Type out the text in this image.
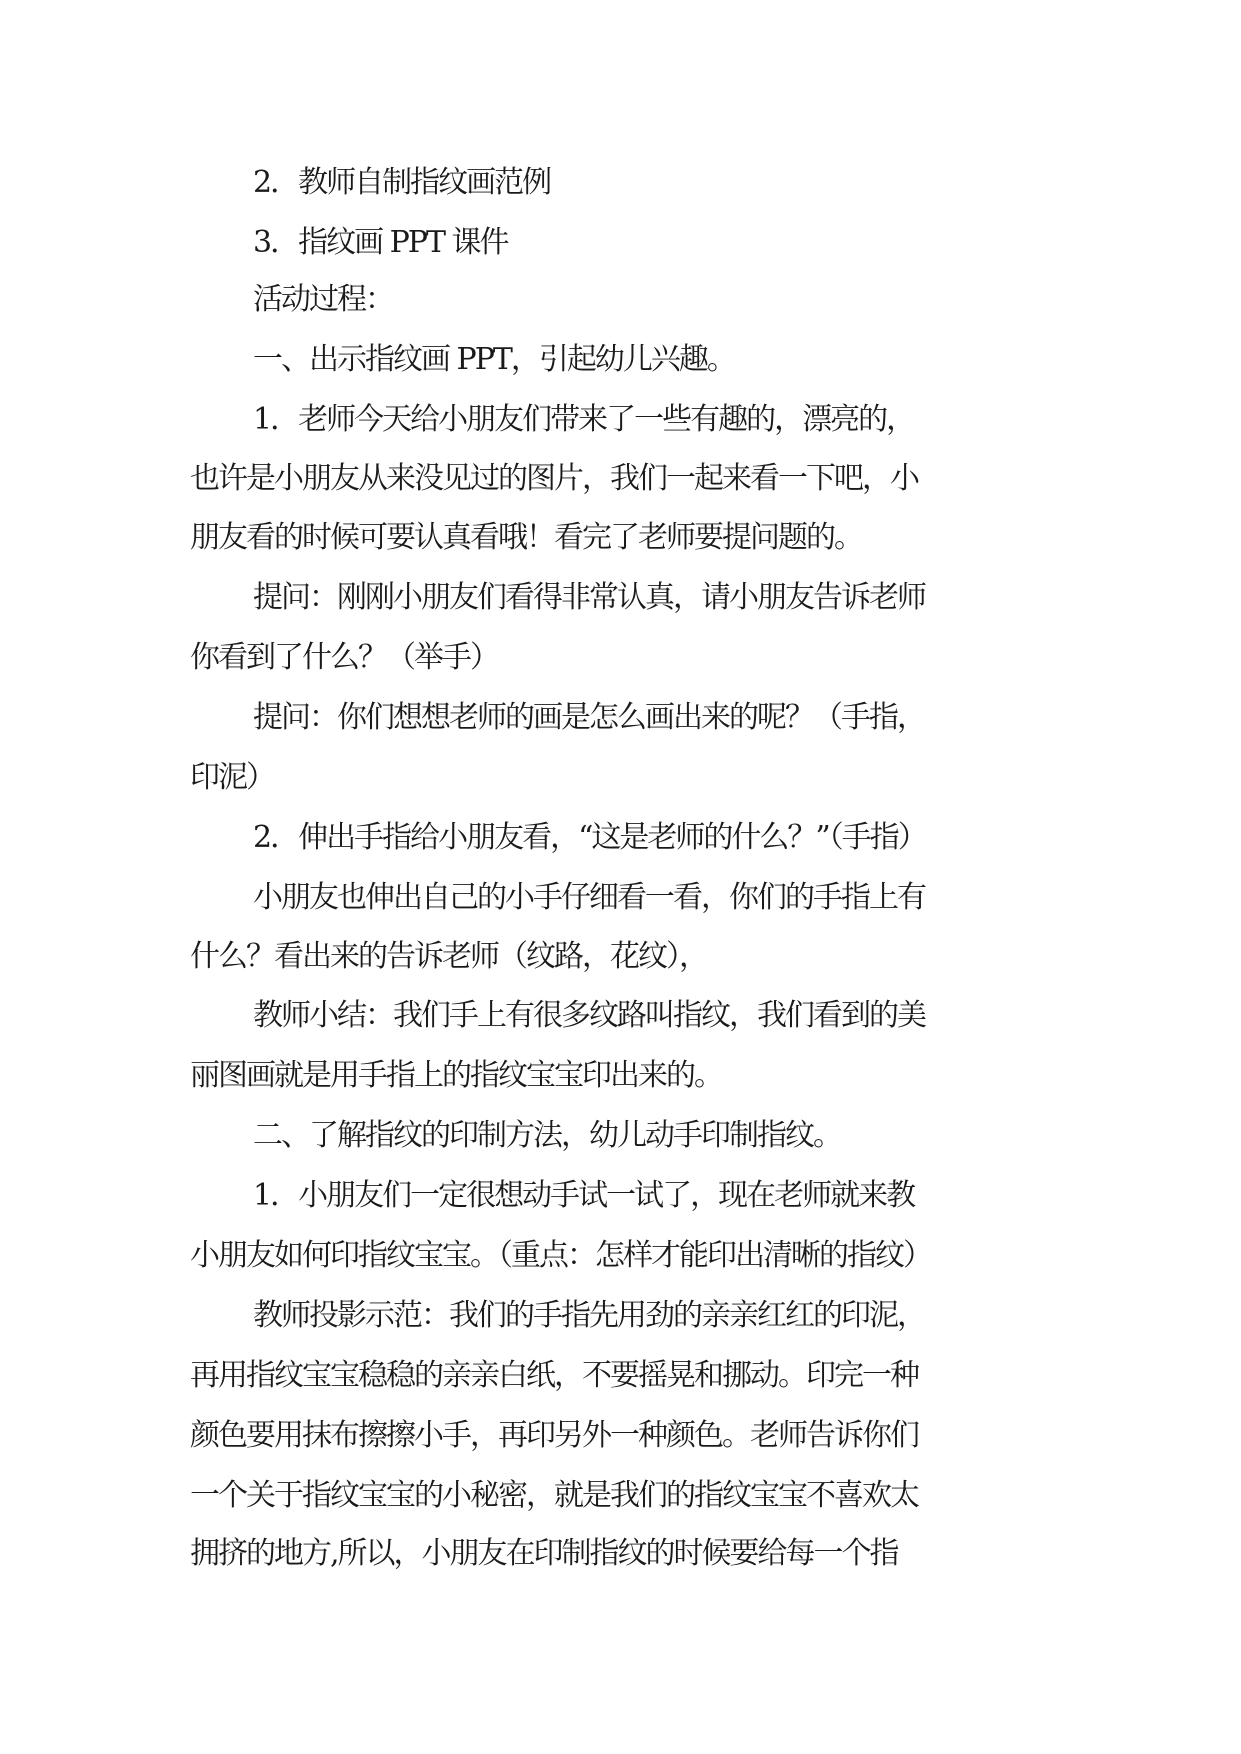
2．教师自制指纹画范例
3．指纹画 PPT 课件
活动过程：
一、出示指纹画 PPT，引起幼儿兴趣。
1．老师今天给小朋友们带来了一些有趣的，漂亮的，
也许是小朋友从来没见过的图片，我们一起来看一下吧，小
朋友看的时候可要认真看哦！看完了老师要提问题的。
提问：刚刚小朋友们看得非常认真，请小朋友告诉老师
你看到了什么？（举手）
提问：你们想想老师的画是怎么画出来的呢？（手指，
印泥）
2．伸出手指给小朋友看，“这是老师的什么？”（手指）
小朋友也伸出自己的小手仔细看一看，你们的手指上有
什么？看出来的告诉老师（纹路，花纹），
教师小结：我们手上有很多纹路叫指纹，我们看到的美
丽图画就是用手指上的指纹宝宝印出来的。
二、了解指纹的印制方法，幼儿动手印制指纹。
1．小朋友们一定很想动手试一试了，现在老师就来教
小朋友如何印指纹宝宝。（重点：怎样才能印出清晰的指纹）
教师投影示范：我们的手指先用劲的亲亲红红的印泥，
再用指纹宝宝稳稳的亲亲白纸，不要摇晃和挪动。印完一种
颜色要用抹布擦擦小手，再印另外一种颜色。老师告诉你们
一个关于指纹宝宝的小秘密，就是我们的指纹宝宝不喜欢太
拥挤的地方,所以，小朋友在印制指纹的时候要给每一个指
